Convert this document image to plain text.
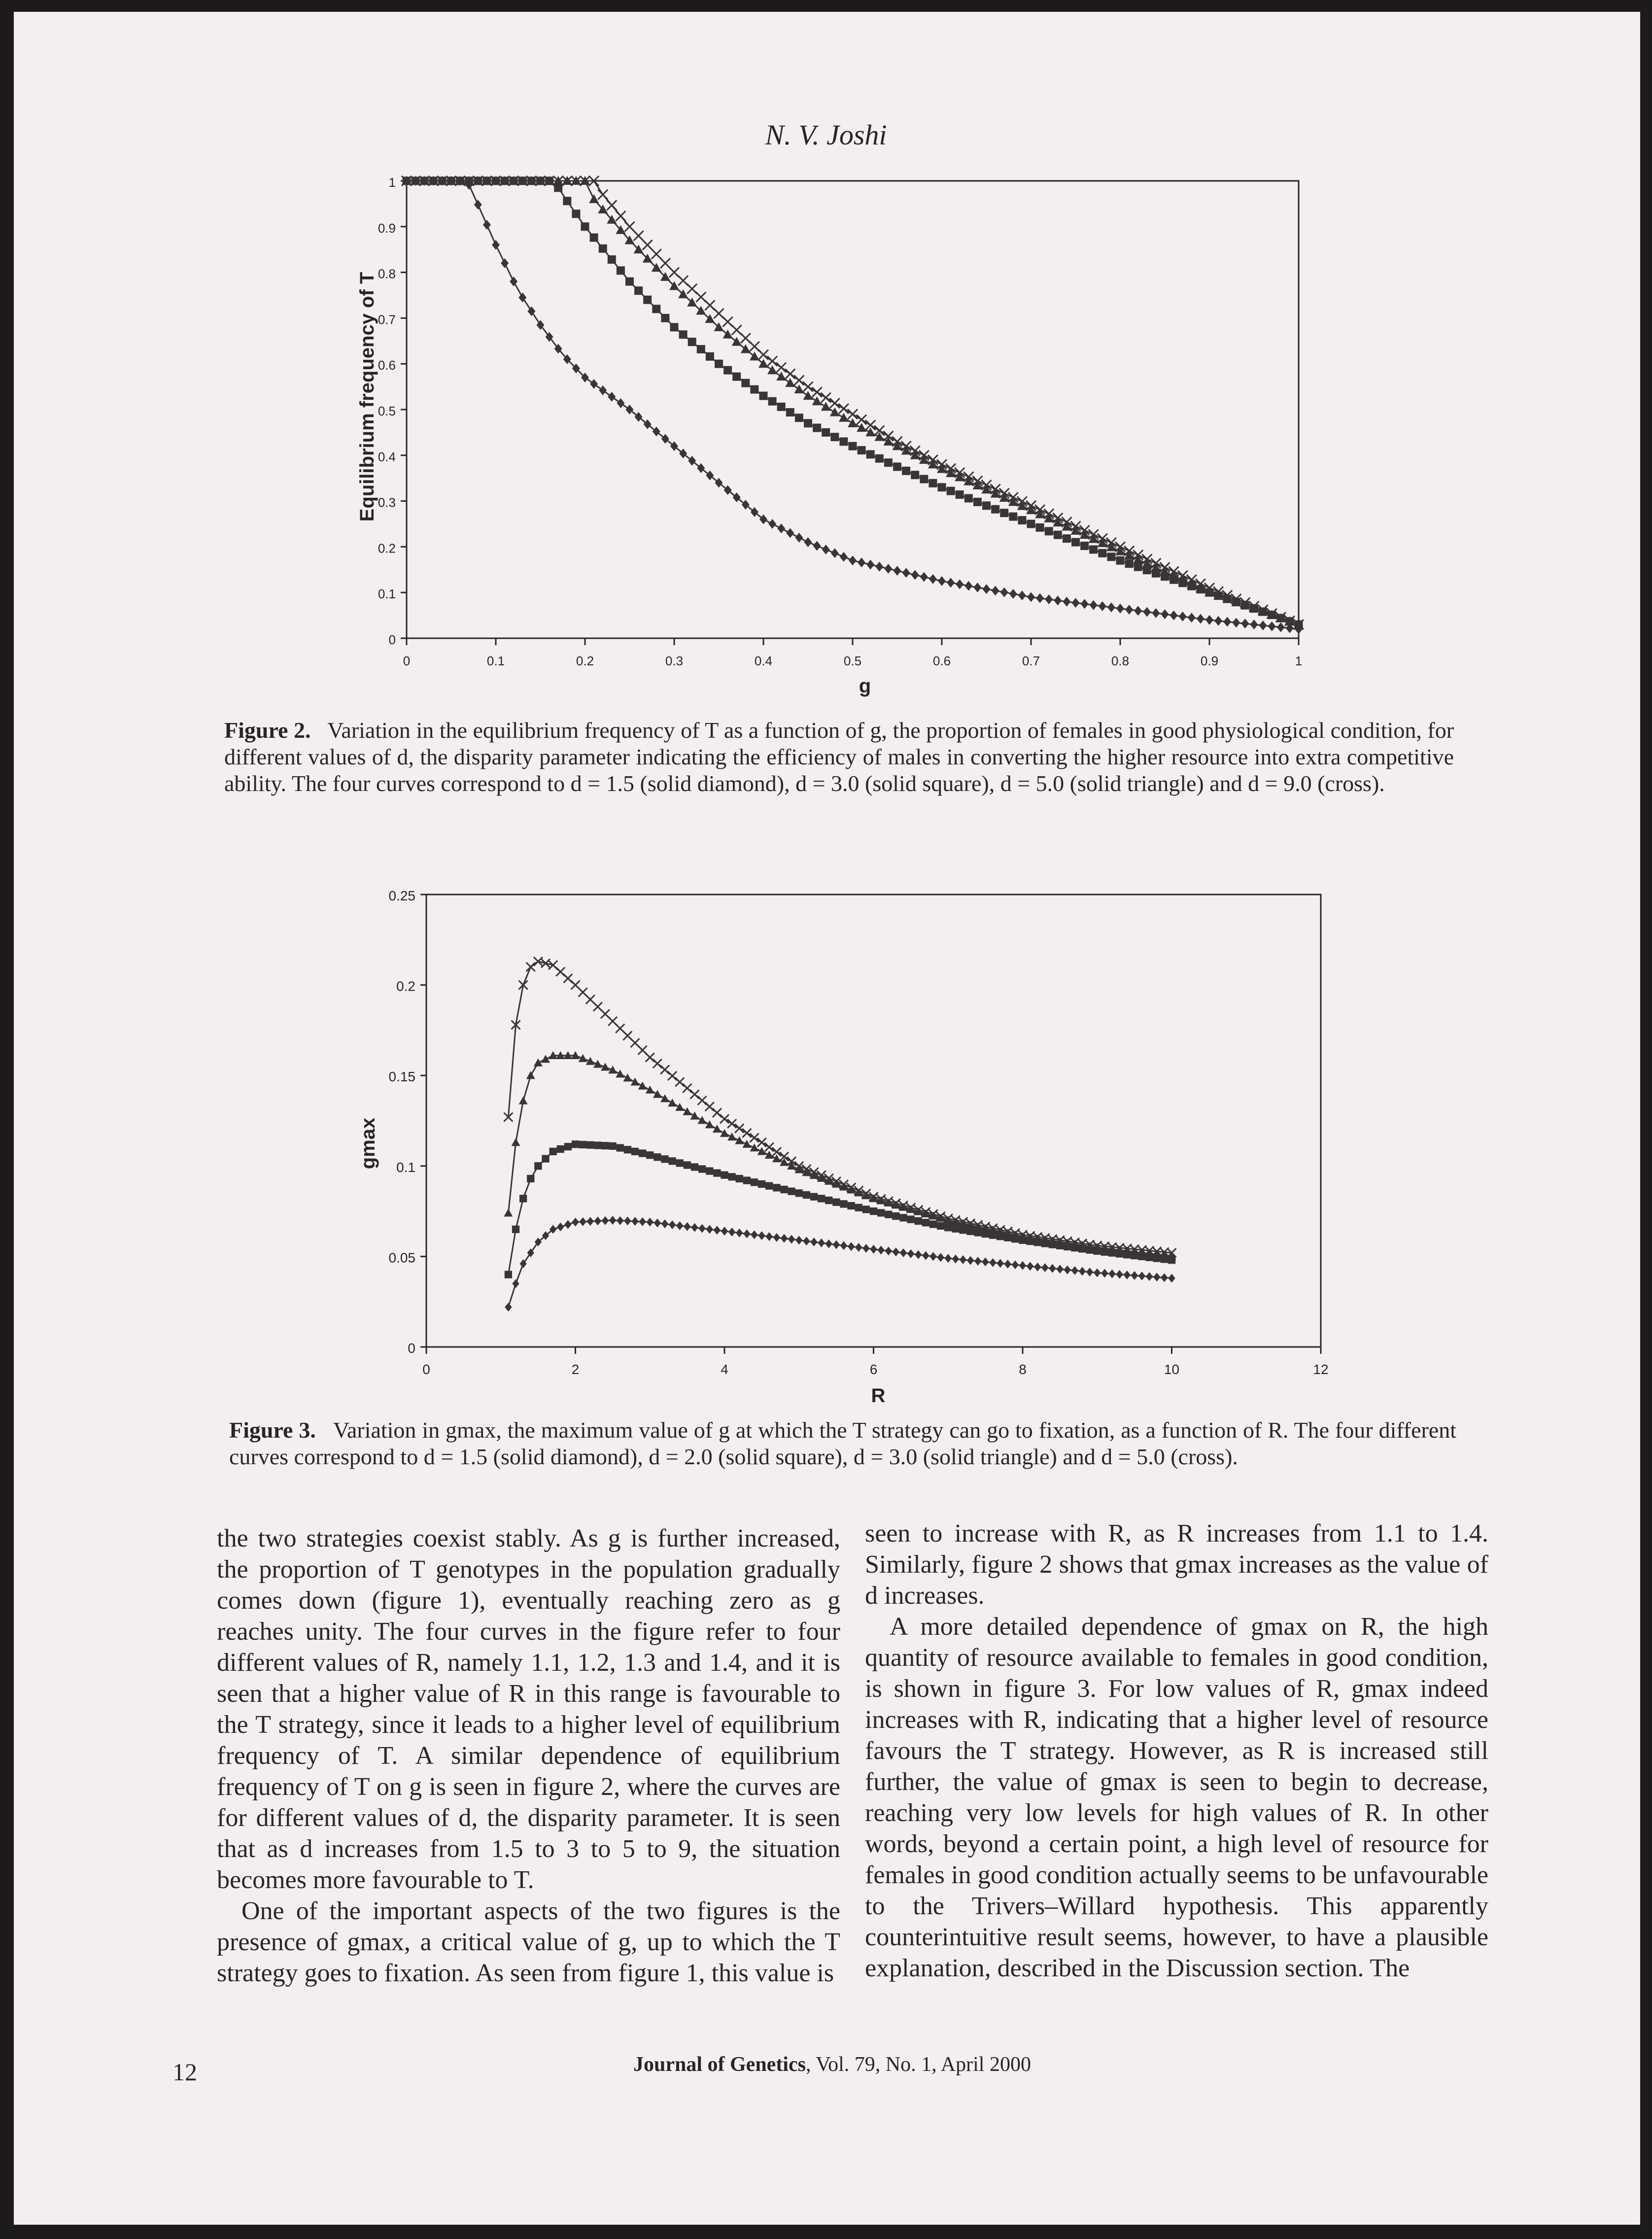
N. V. Joshi
Equilibrium frequency of T
g
0	0.1	0.2	0.3	0.4	0.5	0.6	0.7	0.8	0.9	1
0
0.1
0.2
0.3
0.4
0.5
0.6
0.7
0.8
0.9
1
Figure 2. Variation in the equilibrium frequency of T as a function of g, the proportion of females in good physiological condition, for different values of d, the disparity parameter indicating the efficiency of males in converting the higher resource into extra competitive ability. The four curves correspond to d = 1.5 (solid diamond), d = 3.0 (solid square), d = 5.0 (solid triangle) and d = 9.0 (cross).
gmax
R
0	2	4	6	8	10	12
0
0.05
0.1
0.15
0.2
0.25
Figure 3. Variation in gmax, the maximum value of g at which the T strategy can go to fixation, as a function of R. The four different curves correspond to d = 1.5 (solid diamond), d = 2.0 (solid square), d = 3.0 (solid triangle) and d = 5.0 (cross).

the two strategies coexist stably. As g is further increased, the proportion of T genotypes in the population gradually comes down (figure 1), eventually reaching zero as g reaches unity. The four curves in the figure refer to four different values of R, namely 1.1, 1.2, 1.3 and 1.4, and it is seen that a higher value of R in this range is favourable to the T strategy, since it leads to a higher level of equilibrium frequency of T. A similar dependence of equilibrium frequency of T on g is seen in figure 2, where the curves are for different values of d, the disparity parameter. It is seen that as d increases from 1.5 to 3 to 5 to 9, the situation becomes more favourable to T.

One of the important aspects of the two figures is the presence of gmax, a critical value of g, up to which the T strategy goes to fixation. As seen from figure 1, this value is

seen to increase with R, as R increases from 1.1 to 1.4. Similarly, figure 2 shows that gmax increases as the value of d increases.

A more detailed dependence of gmax on R, the high quantity of resource available to females in good condition, is shown in figure 3. For low values of R, gmax indeed increases with R, indicating that a higher level of resource favours the T strategy. However, as R is increased still further, the value of gmax is seen to begin to decrease, reaching very low levels for high values of R. In other words, beyond a certain point, a high level of resource for females in good condition actually seems to be unfavourable to the Trivers–Willard hypothesis. This apparently counterintuitive result seems, however, to have a plausible explanation, described in the Discussion section. The

12	Journal of Genetics, Vol. 79, No. 1, April 2000
